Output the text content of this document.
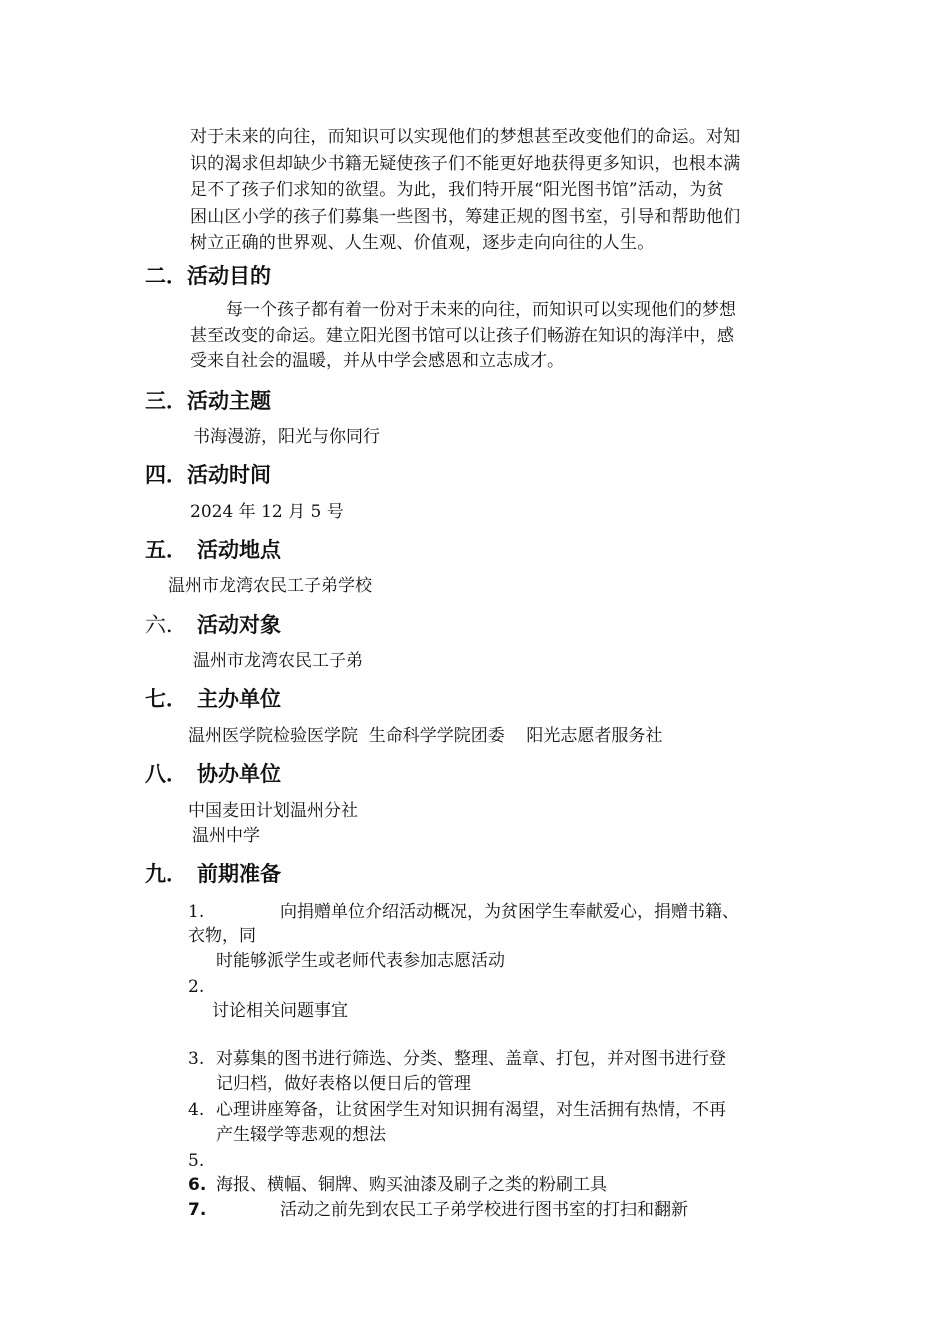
对于未来的向往，而知识可以实现他们的梦想甚至改变他们的命运。对知
识的渴求但却缺少书籍无疑使孩子们不能更好地获得更多知识，也根本满
足不了孩子们求知的欲望。为此，我们特开展“阳光图书馆”活动，为贫
困山区小学的孩子们募集一些图书，筹建正规的图书室，引导和帮助他们
树立正确的世界观、人生观、价值观，逐步走向向往的人生。
二．活动目的
每一个孩子都有着一份对于未来的向往，而知识可以实现他们的梦想
甚至改变的命运。建立阳光图书馆可以让孩子们畅游在知识的海洋中，感
受来自社会的温暖，并从中学会感恩和立志成才。
三．活动主题
书海漫游，阳光与你同行
四．活动时间
2024 年 12 月 5 号
五． 活动地点
温州市龙湾农民工子弟学校
六． 活动对象
温州市龙湾农民工子弟
七． 主办单位
温州医学院检验医学院  生命科学学院团委    阳光志愿者服务社
八． 协办单位
中国麦田计划温州分社
温州中学
九． 前期准备
1.	向捐赠单位介绍活动概况，为贫困学生奉献爱心，捐赠书籍、
衣物，同
时能够派学生或老师代表参加志愿活动
2.
讨论相关问题事宜
3. 对募集的图书进行筛选、分类、整理、盖章、打包，并对图书进行登
记归档，做好表格以便日后的管理
4. 心理讲座筹备，让贫困学生对知识拥有渴望，对生活拥有热情，不再
产生辍学等悲观的想法
5.
6. 海报、横幅、铜牌、购买油漆及刷子之类的粉刷工具
7.	活动之前先到农民工子弟学校进行图书室的打扫和翻新
